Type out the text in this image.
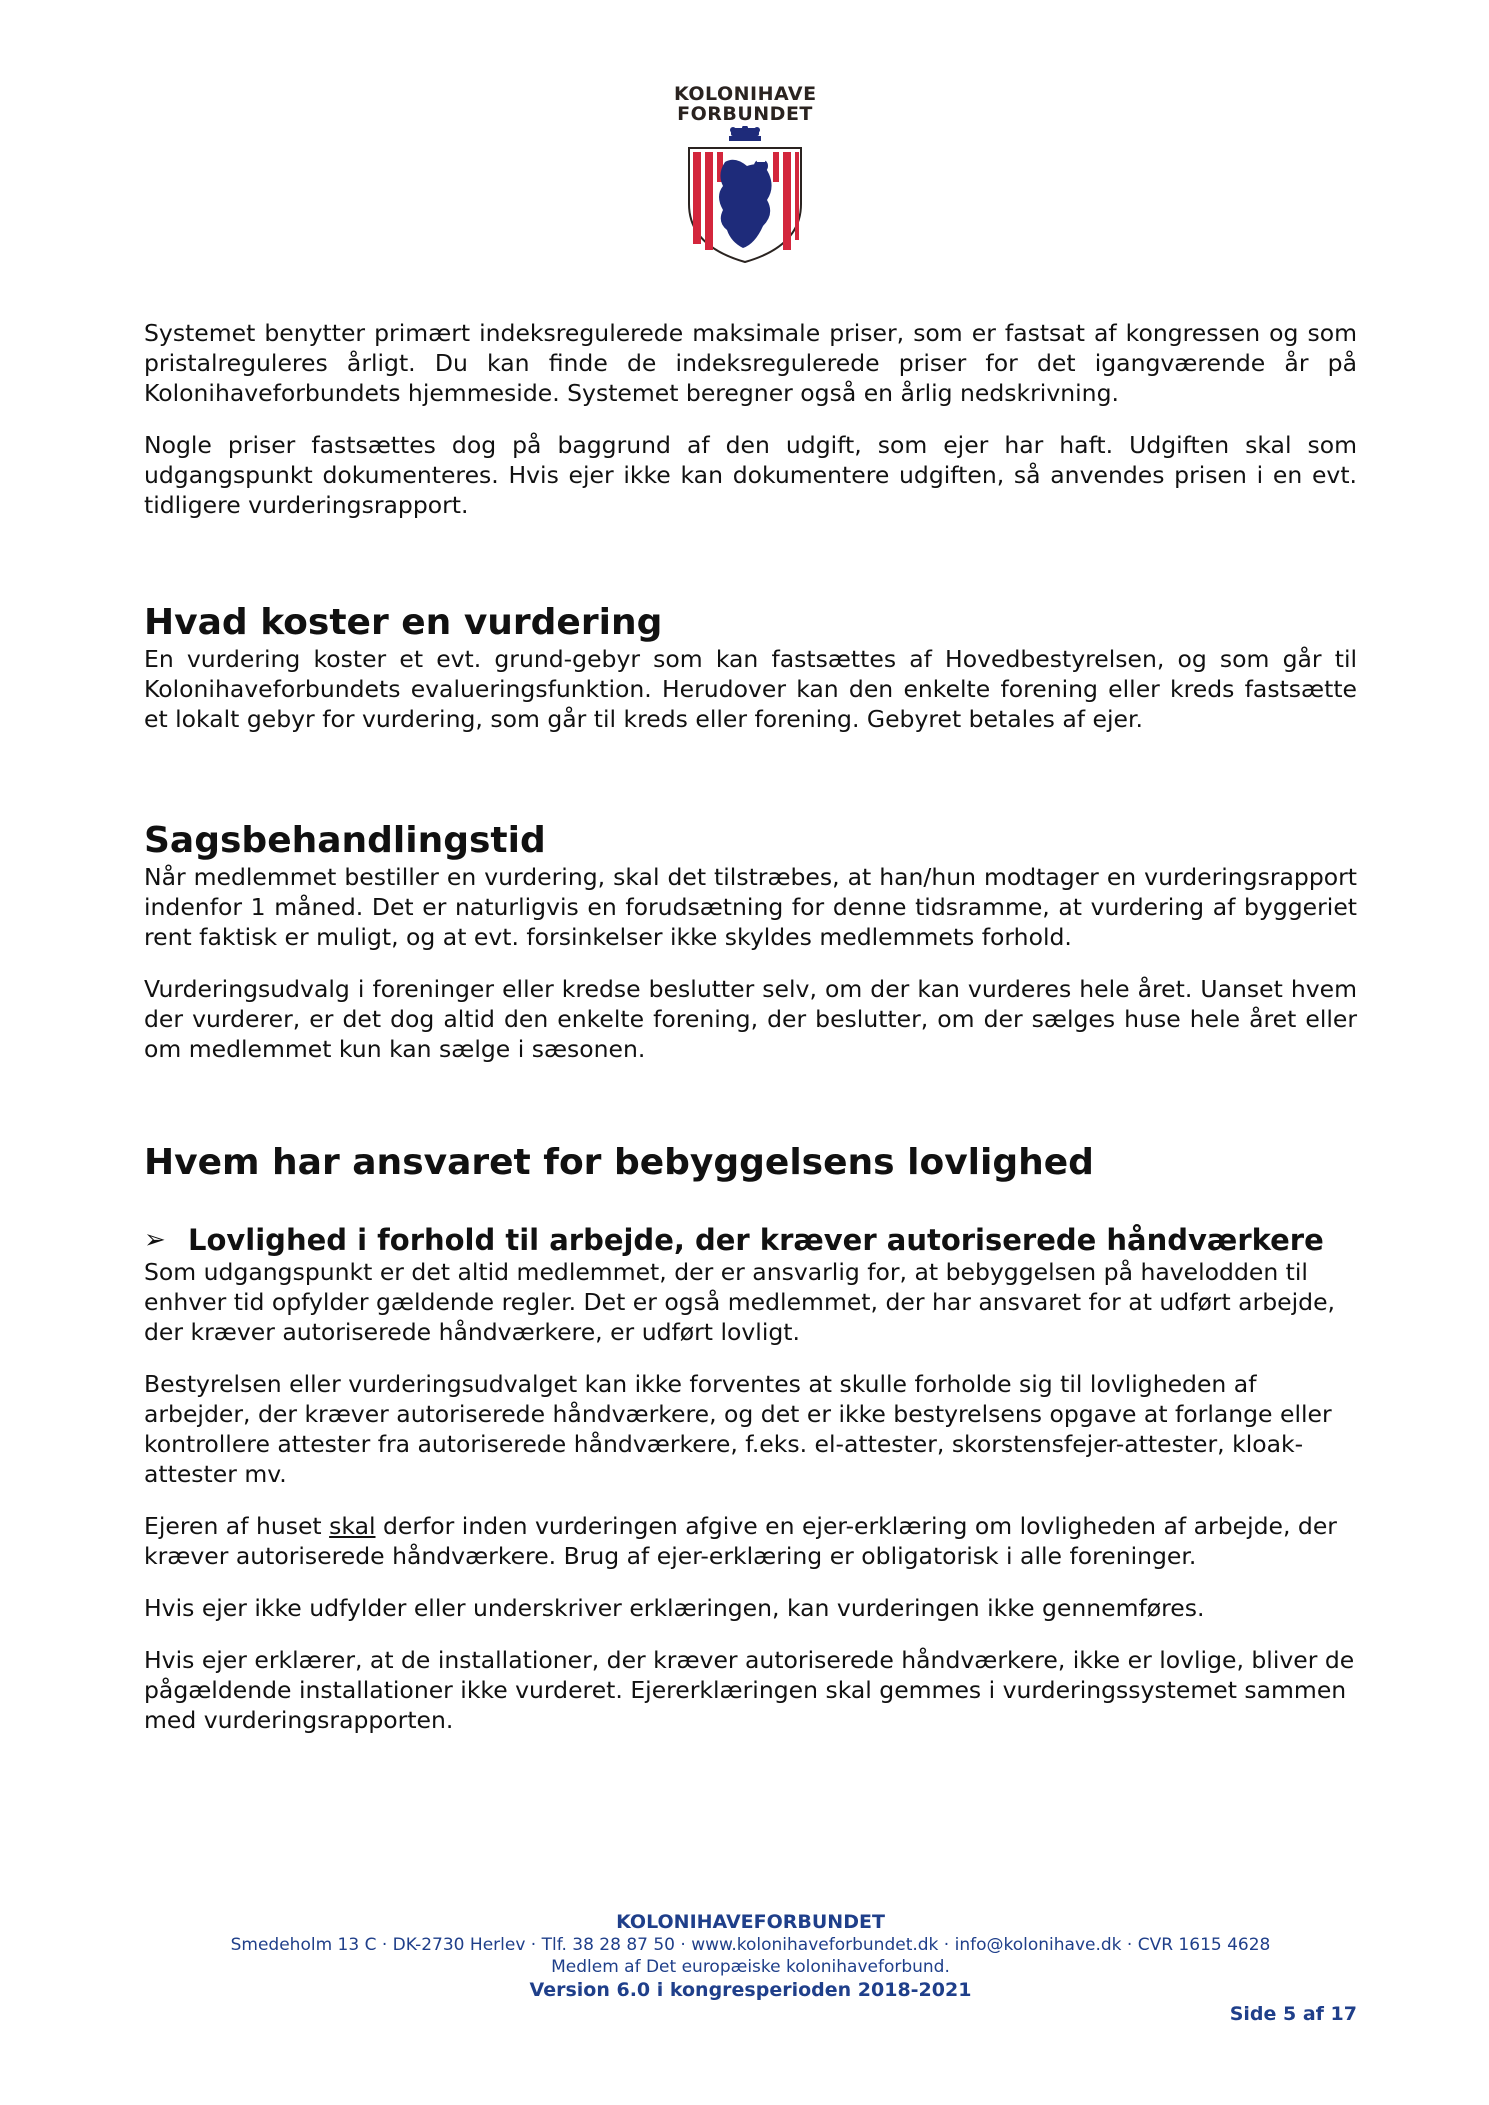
KOLONIHAVE
FORBUNDET

Systemet benytter primært indeksregulerede maksimale priser, som er fastsat af kongressen og som pristalreguleres årligt. Du kan finde de indeksregulerede priser for det igangværende år på Kolonihaveforbundets hjemmeside. Systemet beregner også en årlig nedskrivning.

Nogle priser fastsættes dog på baggrund af den udgift, som ejer har haft. Udgiften skal som udgangspunkt dokumenteres. Hvis ejer ikke kan dokumentere udgiften, så anvendes prisen i en evt. tidligere vurderingsrapport.

Hvad koster en vurdering

En vurdering koster et evt. grund-gebyr som kan fastsættes af Hovedbestyrelsen, og som går til Kolonihaveforbundets evalueringsfunktion. Herudover kan den enkelte forening eller kreds fastsætte et lokalt gebyr for vurdering, som går til kreds eller forening. Gebyret betales af ejer.

Sagsbehandlingstid

Når medlemmet bestiller en vurdering, skal det tilstræbes, at han/hun modtager en vurderingsrapport indenfor 1 måned. Det er naturligvis en forudsætning for denne tidsramme, at vurdering af byggeriet rent faktisk er muligt, og at evt. forsinkelser ikke skyldes medlemmets forhold.

Vurderingsudvalg i foreninger eller kredse beslutter selv, om der kan vurderes hele året. Uanset hvem der vurderer, er det dog altid den enkelte forening, der beslutter, om der sælges huse hele året eller om medlemmet kun kan sælge i sæsonen.

Hvem har ansvaret for bebyggelsens lovlighed
➢ Lovlighed i forhold til arbejde, der kræver autoriserede håndværkere

Som udgangspunkt er det altid medlemmet, der er ansvarlig for, at bebyggelsen på havelodden til enhver tid opfylder gældende regler. Det er også medlemmet, der har ansvaret for at udført arbejde, der kræver autoriserede håndværkere, er udført lovligt.

Bestyrelsen eller vurderingsudvalget kan ikke forventes at skulle forholde sig til lovligheden af arbejder, der kræver autoriserede håndværkere, og det er ikke bestyrelsens opgave at forlange eller kontrollere attester fra autoriserede håndværkere, f.eks. el-attester, skorstensfejer-attester, kloak-attester mv.

Ejeren af huset skal derfor inden vurderingen afgive en ejer-erklæring om lovligheden af arbejde, der kræver autoriserede håndværkere. Brug af ejer-erklæring er obligatorisk i alle foreninger.

Hvis ejer ikke udfylder eller underskriver erklæringen, kan vurderingen ikke gennemføres.

Hvis ejer erklærer, at de installationer, der kræver autoriserede håndværkere, ikke er lovlige, bliver de pågældende installationer ikke vurderet. Ejererklæringen skal gemmes i vurderingssystemet sammen med vurderingsrapporten.

KOLONIHAVEFORBUNDET
Smedeholm 13 C · DK-2730 Herlev · Tlf. 38 28 87 50 · www.kolonihaveforbundet.dk · info@kolonihave.dk · CVR 1615 4628
Medlem af Det europæiske kolonihaveforbund.
Version 6.0 i kongresperioden 2018-2021
Side 5 af 17
